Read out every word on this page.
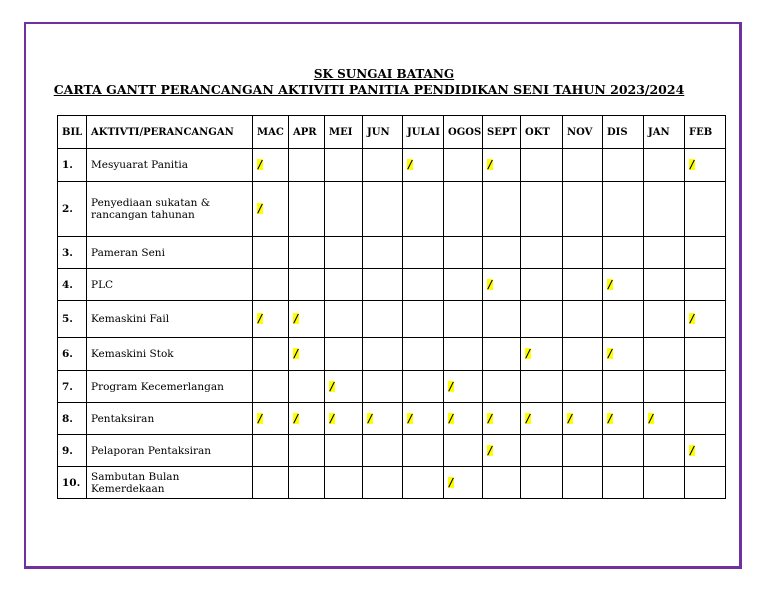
SK SUNGAI BATANG
CARTA GANTT PERANCANGAN AKTIVITI PANITIA PENDIDIKAN SENI TAHUN 2023/2024
BIL	AKTIVTI/PERANCANGAN	MAC	APR	MEI	JUN	JULAI	OGOS	SEPT	OKT	NOV	DIS	JAN	FEB
1.	Mesyuarat Panitia	/				/		/					/
2.	Penyediaan sukatan & rancangan tahunan	/											
3.	Pameran Seni												
4.	PLC							/			/		
5.	Kemaskini Fail	/	/										/
6.	Kemaskini Stok		/						/		/		
7.	Program Kecemerlangan			/			/						
8.	Pentaksiran	/	/	/	/	/	/	/	/	/	/	/	
9.	Pelaporan Pentaksiran							/					/
10.	Sambutan Bulan Kemerdekaan						/						
